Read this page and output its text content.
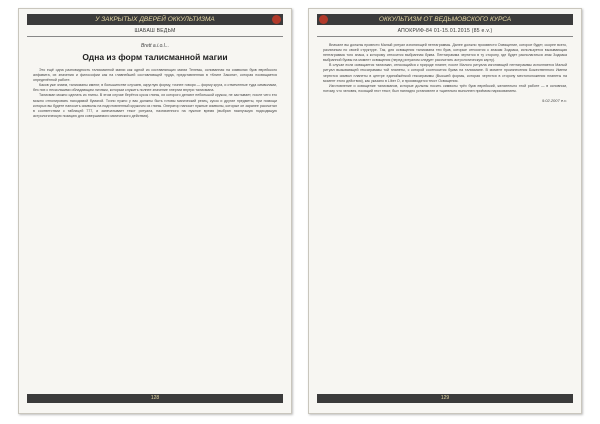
У ЗАКРЫТЫХ ДВЕРЕЙ ОККУЛЬТИЗМА
ШАБАШ ВЕДЬМ
Brett a.i.o.l...
Одна из форм талисманной магии

Это ещё одна разновидность талисманной магии как одной из составляющих магии Телемы, основанная на символах букв еврейского алфавита, их значения и философии как на главнейшей составляющей труда, представленная в «Книге Закона», которая посвящается определённой работе.

Каков уже знаем, талисманы имеют, в большинстве случаев, округлую форму, точнее говоря — форму круга, и отмеченные туда символами, без них с несколькими обладающим личным, которым служить полнее значение энергии внутри талисмана.

Талисман можно сделать из глины. В этом случае берётся кусок глины, их которого делают небольшой кружок, не застывает, после чего его можно отполировать находимой бумагой. Точно нужно у вас должны быть готовы магический резец, кусок и другие предметы, при помощи которых вы будете наносить символы на подготовленный кружочек из глины. Оператор наносит нужные символы, которые он заранее рассчитал в соответствии с таблицей 777, и запечатывает текст ритуала, назначенного на нужное время (выбран наилучшую подходящую астрологическую позицию для совершаемого магического действия).

128
ОККУЛЬТИЗМ ОТ ВЕДЬМОВСКОГО КУРСА
АПОКРИФ-84 01-15.01.2015 (85 e.v.)

Вначале вы должны провести Малый ритуал изгоняющей пентаграммы. Далее должно произвести Освящение, которое будет, скорее всего, различным по своей структуре. Так, для освящения талисмана теи букв, которые относятся к знакам Зодиака, используется вызывающая пентаграмма того знака, к которому относится выбранная буква. Пентаграмма чертится в ту сторону, где будет располагаться знак Зодиака выбранной буквы на момент освящения (перед ритуалом следует рассчитать астрологическую карту).

В случае если освящается талисман, относящийся к природе планет, после Малого ритуала изгоняющей пентаграммы исполняется Малый ритуал вызывающей гексаграммы той планеты, с которой соотносится буква на талисмане. В момент произнесения Божественного Имени чертится символ планеты в центре единойжёнкой гексаграммы (Высшей формы, которая чертится в сторону местоположения планеты на момент этого действия), как указано в Liber O, и производится текст Освящения.

Изготовление и освящение талисманов, которые должны носить символы трёх букв еврейский, желательно этой работе — в основном, потому, что человек, носящий этот текст, был наглядно установлен и тщательно выполнен приёмом нарисованием.

9.02.2007 e.v.
129
